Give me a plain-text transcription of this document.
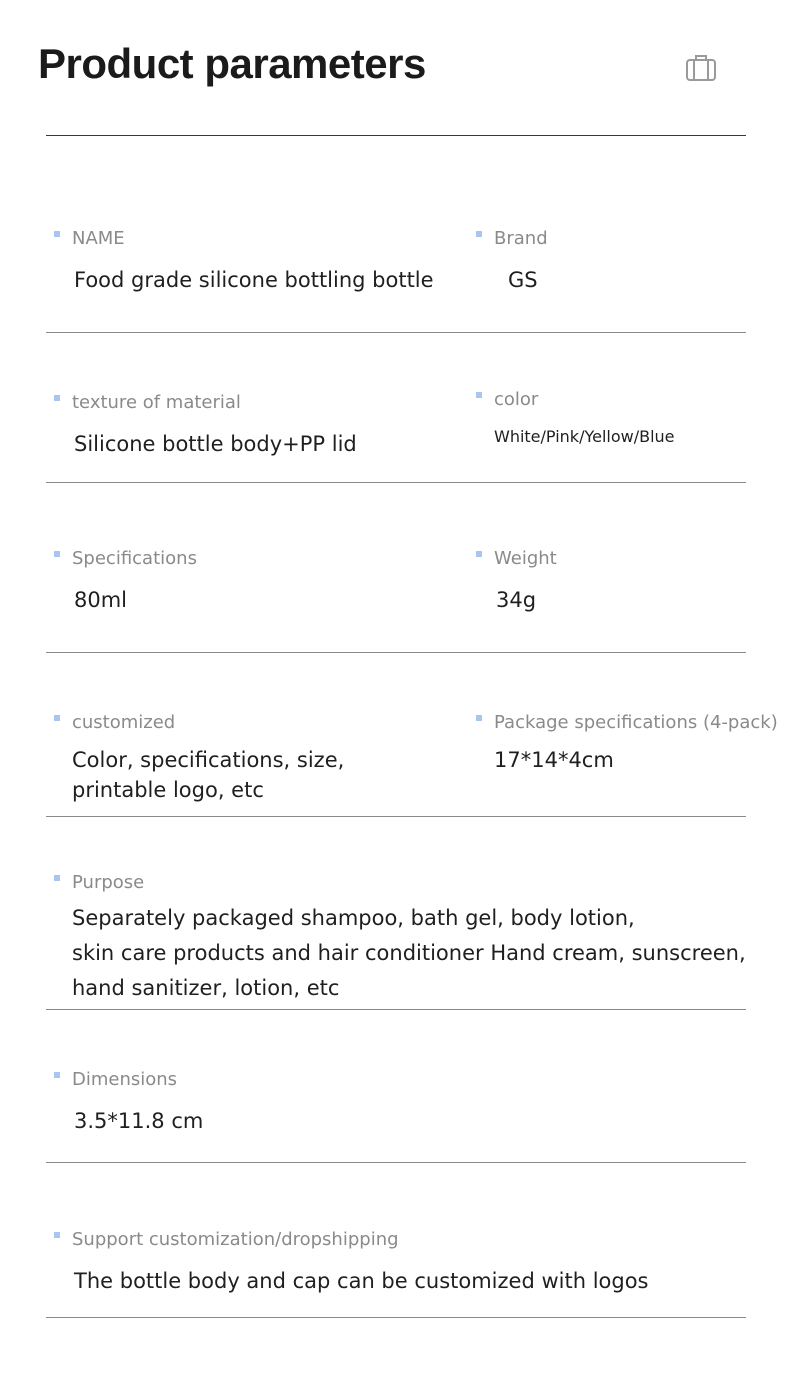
Product parameters
NAME
Food grade silicone bottling bottle
Brand
GS
texture of material
Silicone bottle body+PP lid
color
White/Pink/Yellow/Blue
Specifications
80ml
Weight
34g
customized
Color, specifications, size, printable logo, etc
Package specifications (4-pack)
17*14*4cm
Purpose
Separately packaged shampoo, bath gel, body lotion,
skin care products and hair conditioner Hand cream, sunscreen,
hand sanitizer, lotion, etc
Dimensions
3.5*11.8 cm
Support customization/dropshipping
The bottle body and cap can be customized with logos
